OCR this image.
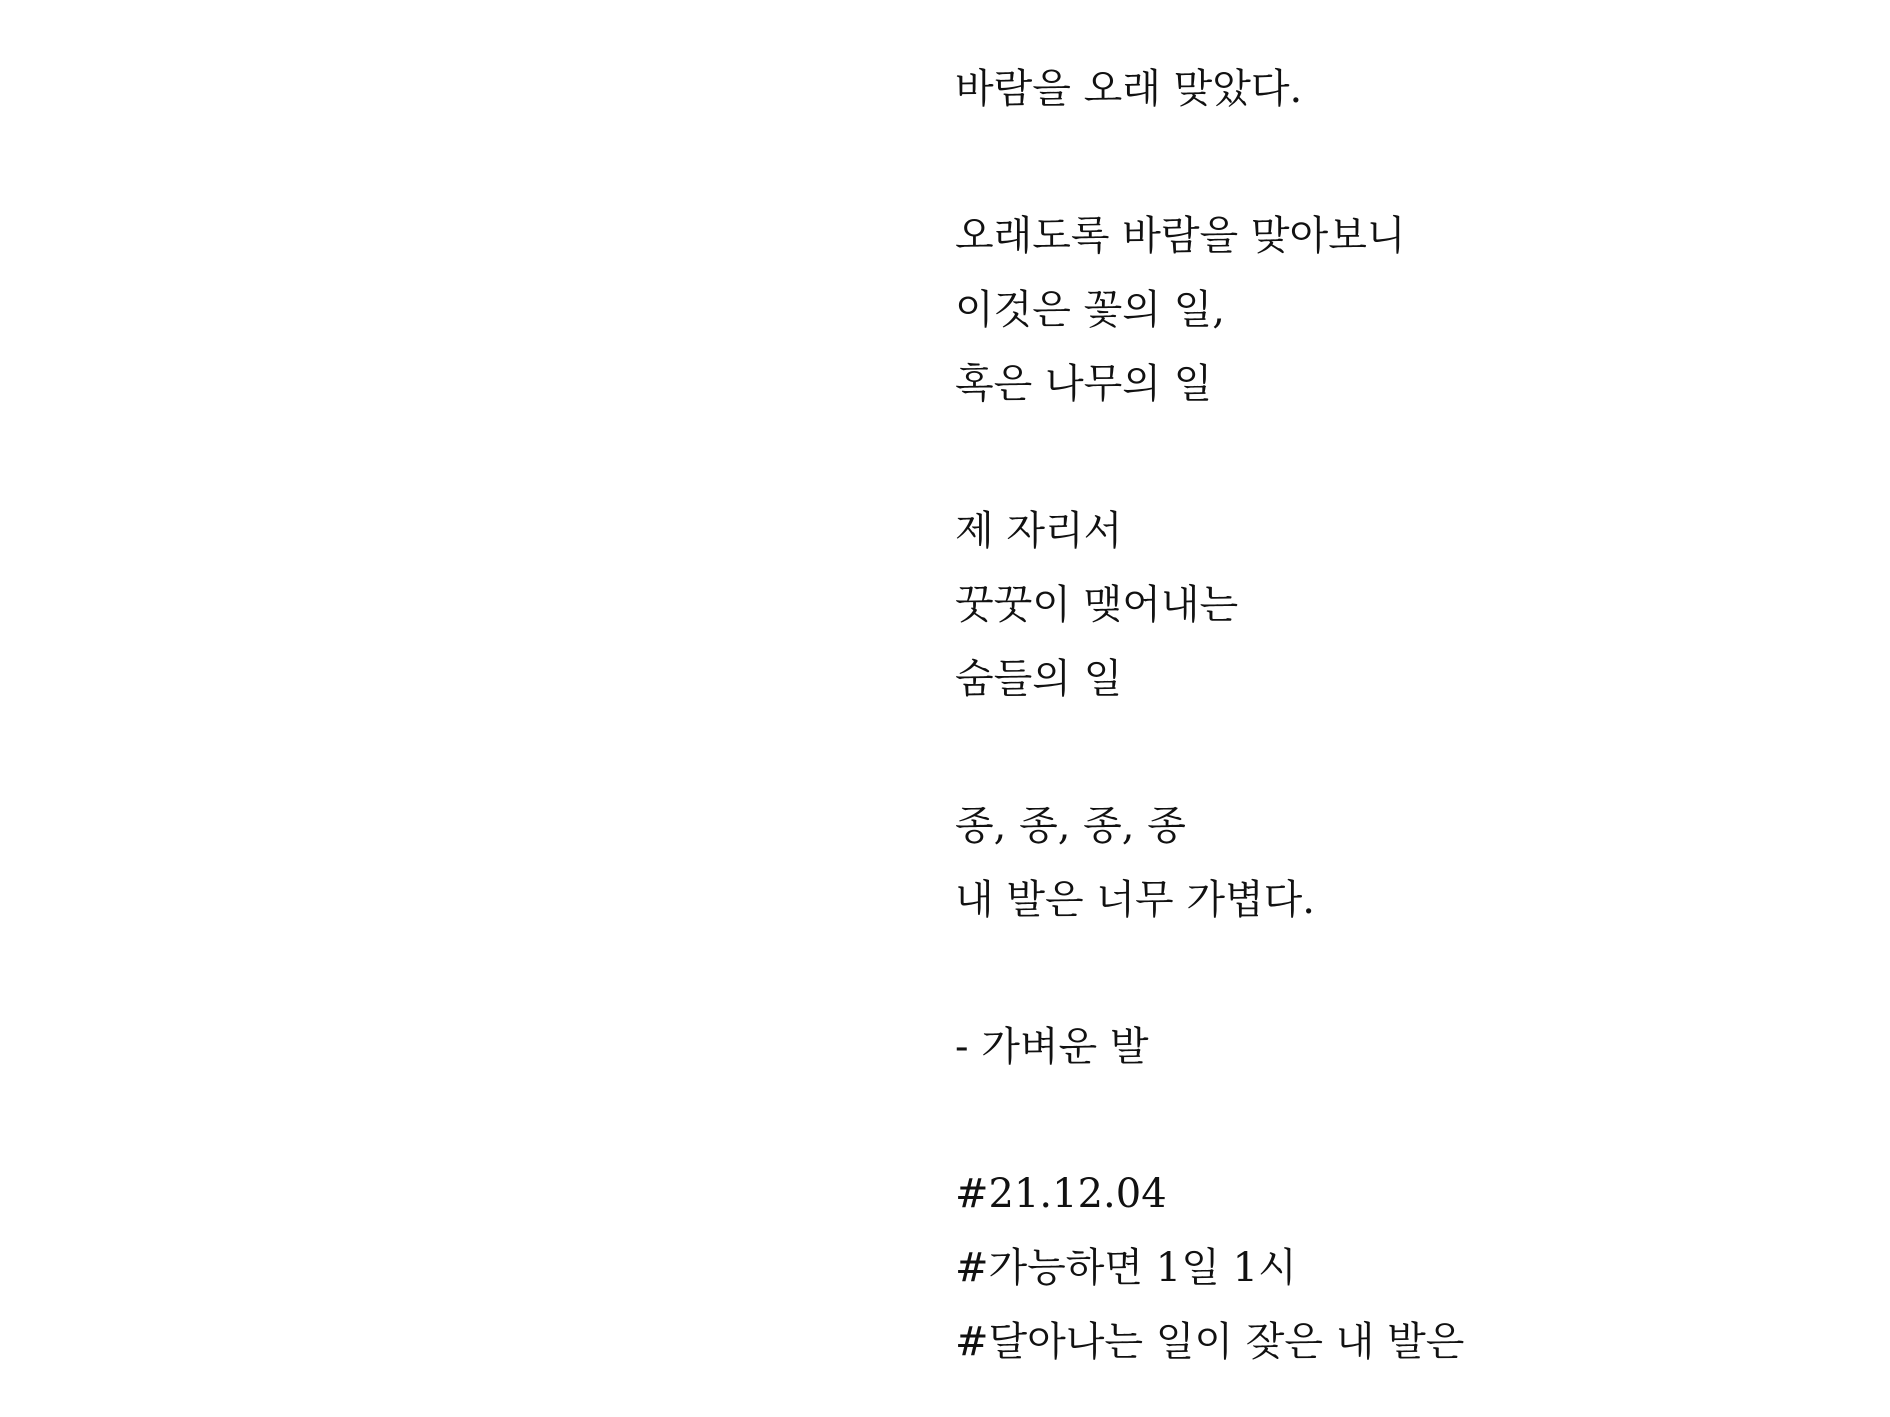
바람을 오래 맞았다.
오래도록 바람을 맞아보니
이것은 꽃의 일,
혹은 나무의 일
제 자리서
꿋꿋이 맺어내는
숨들의 일
종, 종, 종, 종
내 발은 너무 가볍다.
- 가벼운 발
#21.12.04
#가능하면 1일 1시
#달아나는 일이 잦은 내 발은
